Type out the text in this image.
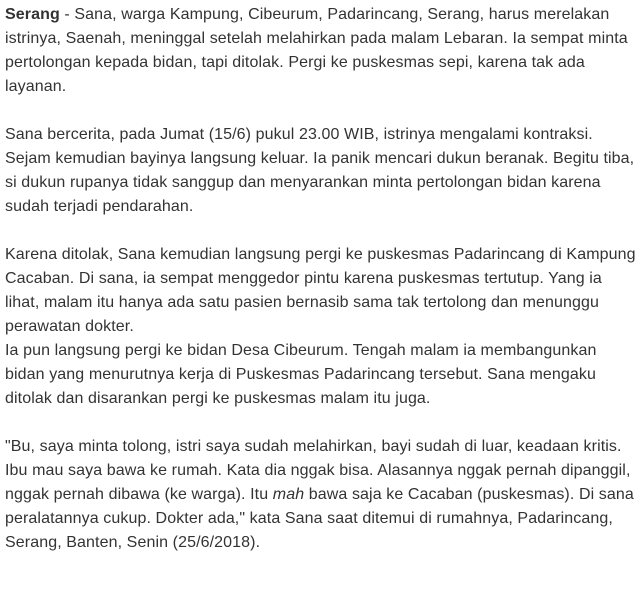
Serang - Sana, warga Kampung, Cibeurum, Padarincang, Serang, harus merelakan istrinya, Saenah, meninggal setelah melahirkan pada malam Lebaran. Ia sempat minta pertolongan kepada bidan, tapi ditolak. Pergi ke puskesmas sepi, karena tak ada layanan.

Sana bercerita, pada Jumat (15/6) pukul 23.00 WIB, istrinya mengalami kontraksi. Sejam kemudian bayinya langsung keluar. Ia panik mencari dukun beranak. Begitu tiba, si dukun rupanya tidak sanggup dan menyarankan minta pertolongan bidan karena sudah terjadi pendarahan.

Karena ditolak, Sana kemudian langsung pergi ke puskesmas Padarincang di Kampung Cacaban. Di sana, ia sempat menggedor pintu karena puskesmas tertutup. Yang ia lihat, malam itu hanya ada satu pasien bernasib sama tak tertolong dan menunggu perawatan dokter.

Ia pun langsung pergi ke bidan Desa Cibeurum. Tengah malam ia membangunkan bidan yang menurutnya kerja di Puskesmas Padarincang tersebut. Sana mengaku ditolak dan disarankan pergi ke puskesmas malam itu juga.

"Bu, saya minta tolong, istri saya sudah melahirkan, bayi sudah di luar, keadaan kritis. Ibu mau saya bawa ke rumah. Kata dia nggak bisa. Alasannya nggak pernah dipanggil, nggak pernah dibawa (ke warga). Itu mah bawa saja ke Cacaban (puskesmas). Di sana peralatannya cukup. Dokter ada," kata Sana saat ditemui di rumahnya, Padarincang, Serang, Banten, Senin (25/6/2018).
